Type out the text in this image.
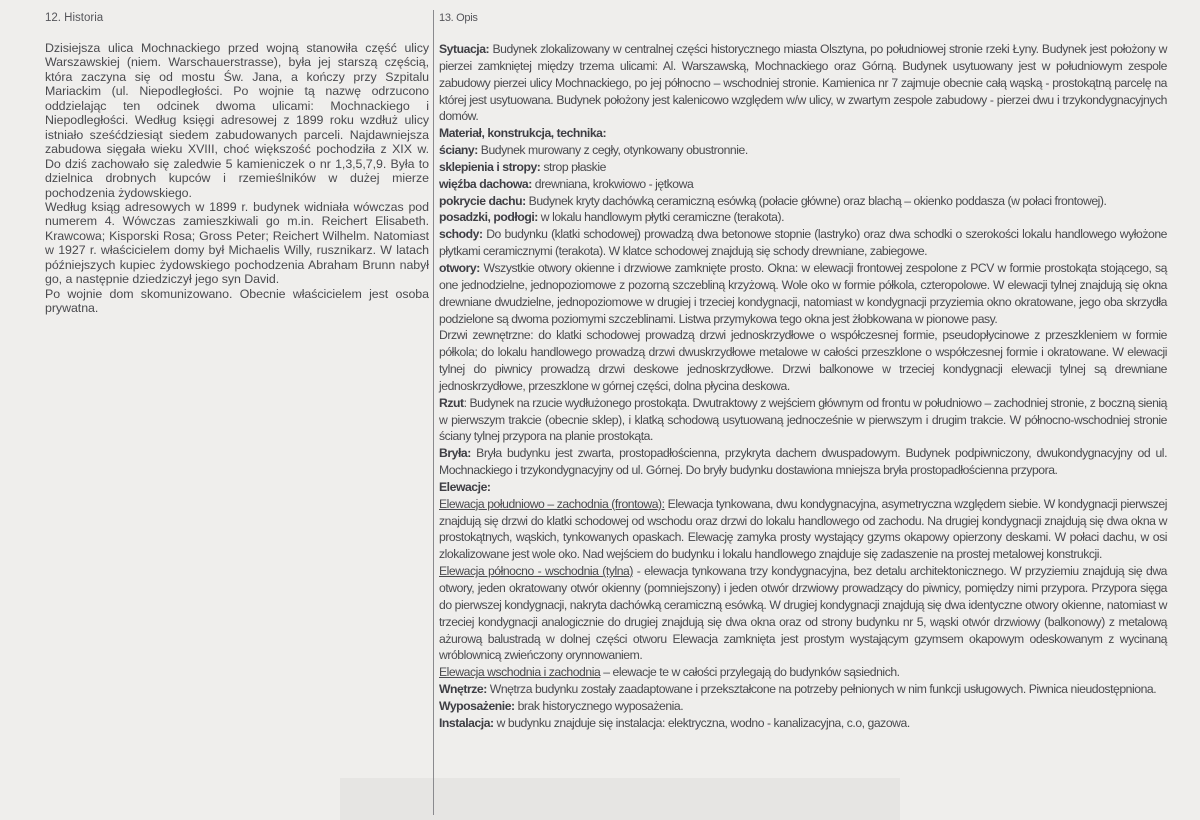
12. Historia

Dzisiejsza ulica Mochnackiego przed wojną stanowiła część ulicy Warszawskiej (niem. Warschauerstrasse), była jej starszą częścią, która zaczyna się od mostu Św. Jana, a kończy przy Szpitalu Mariackim (ul. Niepodległości. Po wojnie tą nazwę odrzucono oddzielając ten odcinek dwoma ulicami: Mochnackiego i Niepodległości. Według księgi adresowej z 1899 roku wzdłuż ulicy istniało sześćdziesiąt siedem zabudowanych parceli. Najdawniejsza zabudowa sięgała wieku XVIII, choć większość pochodziła z XIX w. Do dziś zachowało się zaledwie 5 kamieniczek o nr 1,3,5,7,9. Była to dzielnica drobnych kupców i rzemieślników w dużej mierze pochodzenia żydowskiego.

Według ksiąg adresowych w 1899 r. budynek widniała wówczas pod numerem 4. Wówczas zamieszkiwali go m.in. Reichert Elisabeth. Krawcowa; Kisporski Rosa; Gross Peter; Reichert Wilhelm. Natomiast w 1927 r. właścicielem domy był Michaelis Willy, rusznikarz. W latach późniejszych kupiec żydowskiego pochodzenia Abraham Brunn nabył go, a następnie dziedziczył jego syn David.

Po wojnie dom skomunizowano. Obecnie właścicielem jest osoba prywatna.

13. Opis

Sytuacja: Budynek zlokalizowany w centralnej części historycznego miasta Olsztyna, po południowej stronie rzeki Łyny. Budynek jest położony w pierzei zamkniętej między trzema ulicami: Al. Warszawską, Mochnackiego oraz Górną. Budynek usytuowany jest w południowym zespole zabudowy pierzei ulicy Mochnackiego, po jej północno – wschodniej stronie. Kamienica nr 7 zajmuje obecnie całą wąską - prostokątną parcelę na której jest usytuowana. Budynek położony jest kalenicowo względem w/w ulicy, w zwartym zespole zabudowy - pierzei dwu i trzykondygnacyjnych domów.

Materiał, konstrukcja, technika:

ściany: Budynek murowany z cegły, otynkowany obustronnie.

sklepienia i stropy: strop płaskie

więźba dachowa: drewniana, krokwiowo - jętkowa

pokrycie dachu: Budynek kryty dachówką ceramiczną esówką (połacie główne) oraz blachą – okienko poddasza (w połaci frontowej).

posadzki, podłogi: w lokalu handlowym płytki ceramiczne (terakota).

schody: Do budynku (klatki schodowej) prowadzą dwa betonowe stopnie (lastryko) oraz dwa schodki o szerokości lokalu handlowego wyłożone płytkami ceramicznymi (terakota). W klatce schodowej znajdują się schody drewniane, zabiegowe.

otwory: Wszystkie otwory okienne i drzwiowe zamknięte prosto. Okna: w elewacji frontowej zespolone z PCV w formie prostokąta stojącego, są one jednodzielne, jednopoziomowe z pozorną szczebliną krzyżową. Wole oko w formie półkola, czteropolowe. W elewacji tylnej znajdują się okna drewniane dwudzielne, jednopoziomowe w drugiej i trzeciej kondygnacji, natomiast w kondygnacji przyziemia okno okratowane, jego oba skrzydła podzielone są dwoma poziomymi szczeblinami. Listwa przymykowa tego okna jest żłobkowana w pionowe pasy.

Drzwi zewnętrzne: do klatki schodowej prowadzą drzwi jednoskrzydłowe o współczesnej formie, pseudopłycinowe z przeszkleniem w formie półkola; do lokalu handlowego prowadzą drzwi dwuskrzydłowe metalowe w całości przeszklone o współczesnej formie i okratowane. W elewacji tylnej do piwnicy prowadzą drzwi deskowe jednoskrzydłowe. Drzwi balkonowe w trzeciej kondygnacji elewacji tylnej są drewniane jednoskrzydłowe, przeszklone w górnej części, dolna płycina deskowa.

Rzut: Budynek na rzucie wydłużonego prostokąta. Dwutraktowy z wejściem głównym od frontu w południowo – zachodniej stronie, z boczną sienią w pierwszym trakcie (obecnie sklep), i klatką schodową usytuowaną jednocześnie w pierwszym i drugim trakcie. W północno-wschodniej stronie ściany tylnej przypora na planie prostokąta.

Bryła: Bryła budynku jest zwarta, prostopadłościenna, przykryta dachem dwuspadowym. Budynek podpiwniczony, dwukondygnacyjny od ul. Mochnackiego i trzykondygnacyjny od ul. Górnej. Do bryły budynku dostawiona mniejsza bryła prostopadłościenna przypora.

Elewacje:

Elewacja południowo – zachodnia (frontowa): Elewacja tynkowana, dwu kondygnacyjna, asymetryczna względem siebie. W kondygnacji pierwszej znajdują się drzwi do klatki schodowej od wschodu oraz drzwi do lokalu handlowego od zachodu. Na drugiej kondygnacji znajdują się dwa okna w prostokątnych, wąskich, tynkowanych opaskach. Elewację zamyka prosty wystający gzyms okapowy opierzony deskami. W połaci dachu, w osi zlokalizowane jest wole oko. Nad wejściem do budynku i lokalu handlowego znajduje się zadaszenie na prostej metalowej konstrukcji.

Elewacja północno - wschodnia (tylna) - elewacja tynkowana trzy kondygnacyjna, bez detalu architektonicznego. W przyziemiu znajdują się dwa otwory, jeden okratowany otwór okienny (pomniejszony) i jeden otwór drzwiowy prowadzący do piwnicy, pomiędzy nimi przypora. Przypora sięga do pierwszej kondygnacji, nakryta dachówką ceramiczną esówką. W drugiej kondygnacji znajdują się dwa identyczne otwory okienne, natomiast w trzeciej kondygnacji analogicznie do drugiej znajdują się dwa okna oraz od strony budynku nr 5, wąski otwór drzwiowy (balkonowy) z metalową ażurową balustradą w dolnej części otworu Elewacja zamknięta jest prostym wystającym gzymsem okapowym odeskowanym z wycinaną wróblownicą zwieńczony orynnowaniem.

Elewacja wschodnia i zachodnia – elewacje te w całości przylegają do budynków sąsiednich.

Wnętrze: Wnętrza budynku zostały zaadaptowane i przekształcone na potrzeby pełnionych w nim funkcji usługowych. Piwnica nieudostępniona.

Wyposażenie: brak historycznego wyposażenia.

Instalacja: w budynku znajduje się instalacja: elektryczna, wodno - kanalizacyjna, c.o, gazowa.
